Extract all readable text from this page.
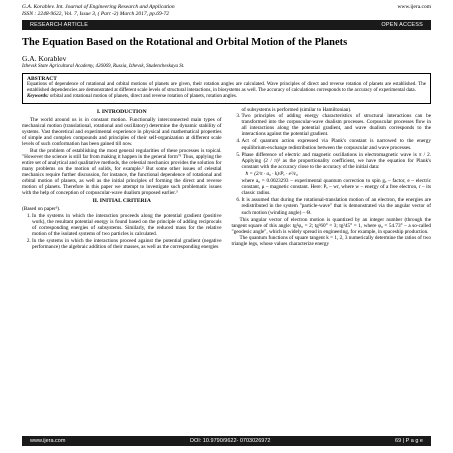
G.A. Korablev. Int. Journal of Engineering Research and Application	www.ijera.com
ISSN : 2248-9622, Vol. 7, Issue 3, ( Part -2) March 2017, pp.69-72
RESEARCH ARTICLE	OPEN ACCESS
The Equation Based on the Rotational and Orbital Motion of the Planets
G.A. Korablev
Izhevsk State Agricultural Academy, 426069, Russia, Izhevsk, Studencheskaya St.
ABSTRACT

Equations of dependence of rotational and orbital motions of planets are given, their rotation angles are calculated. Wave principles of direct and reverse rotation of planets are established. The established dependencies are demonstrated at different scale levels of structural interactions, in biosystems as well. The accuracy of calculations corresponds to the accuracy of experimental data.

Keywords: orbital and rotational motion of planets, direct and reverse rotation of planets, rotation angles.

I. INTRODUCTION

The world around us is in constant motion. Functionally interconnected main types of mechanical motion (translational, rotational and oscillatory) determine the dynamic stability of systems. Vast theoretical and experimental experience in physical and mathematical properties of simple and complex compounds and principles of their self-organization at different scale levels of such conformation has been gained till now.

But the problem of establishing the most general regularities of these processes is topical. "However the science is still far from making it happen in the general form"¹ Thus, applying the entire set of analytical and qualitative methods, the celestial mechanics provides the solution for many problems on the motion of solids, for example.² But some other issues of celestial mechanics require further discussion, for instance, the functional dependence of rotational and orbital motion of planets, as well as the initial principles of forming the direct and reverse motion of planets. Therefore in this paper we attempt to investigate such problematic issues with the help of conception of corpuscular-wave dualism proposed earlier.³

II. INITIAL CRITERIA

(Based on paper³).

1. In the systems in which the interaction proceeds along the potential gradient (positive work), the resultant potential energy is found based on the principle of adding reciprocals of corresponding energies of subsystems. Similarly, the reduced mass for the relative motion of the isolated systems of two particles is calculated.
2. In the systems in which the interactions proceed against the potential gradient (negative performance) the algebraic addition of their masses, as well as the corresponding energies

of subsystems is performed (similar to Hamiltonian).

3. Two principles of adding energy characteristics of structural interactions can be transformed into the corpuscular-wave dualism processes. Corpuscular processes flow in all interactions along the potential gradient, and wave dualism corresponds to the interactions against the potential gradient.
4. Act of quantum action expressed via Plank's constant is narrowed to the energy equilibrium-exchange redistribution between the corpuscular and wave processes.
5. Phase difference of electric and magnetic oscillations in electromagnetic wave is π / 2. Applying (2 / π)² as the proportionality coefficient, we have the equation for Plank's constant with the accuracy close to the accuracy of the initial data:
ħ = (2/π · a₀ · k)/Pₑ · e²/ε₀
where a₀ = 0.0023293 – experimental quantum correction to spin gₑ – factor, e – electric constant, μ – magnetic constant. Here: Pₑ – wr, where w – energy of a free electron, r – its classic radius.
6. It is assumed that during the rotational-translation motion of an electron, the energies are redistributed in the system "particle-wave" that is demonstrated via the angular vector of such motion (winding angle) – Θ.

This angular vector of electron motion is quantized by an integer number (through the tangent square of this angle: tg²φ₀ = 2; tg²60° = 3; tg²45° = 1, where φ₀ = 54.73° – a so-called "geodesic angle", which is widely spread in engineering, for example, in spaceship production.

The quantum functions of square tangent k = 1, 2, 3 numerically determine the ratios of two triangle legs, whose values characterize energy

www.ijera.com	DOI: 10.9790/9622- 0703026972	69 | P a g e
